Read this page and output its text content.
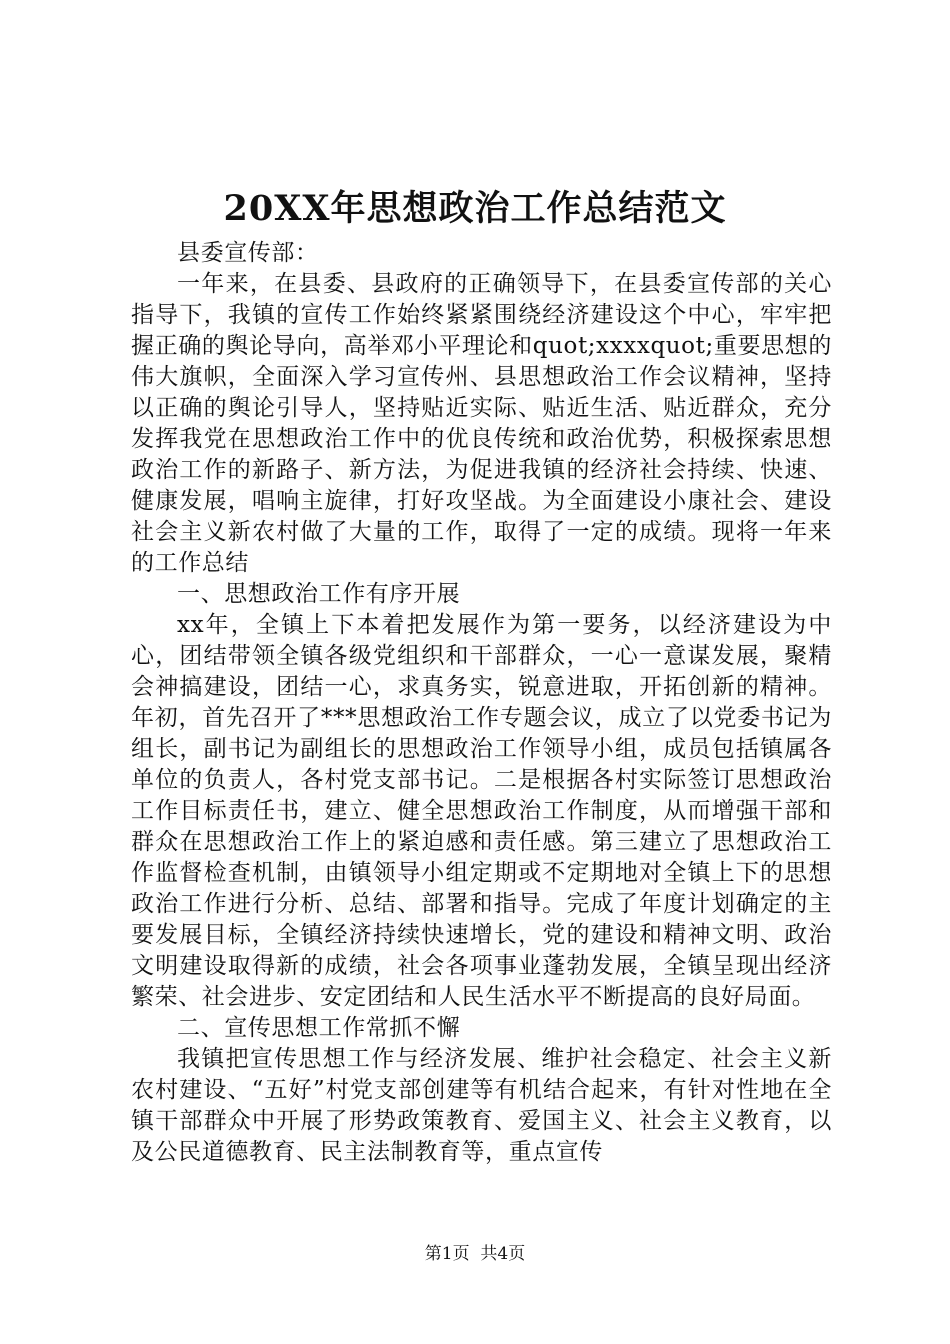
20XX年思想政治工作总结范文

县委宣传部：

一年来，在县委、县政府的正确领导下，在县委宣传部的关心指导下，我镇的宣传工作始终紧紧围绕经济建设这个中心，牢牢把握正确的舆论导向，高举邓小平理论和quot;xxxxquot;重要思想的伟大旗帜，全面深入学习宣传州、县思想政治工作会议精神，坚持以正确的舆论引导人，坚持贴近实际、贴近生活、贴近群众，充分发挥我党在思想政治工作中的优良传统和政治优势，积极探索思想政治工作的新路子、新方法，为促进我镇的经济社会持续、快速、健康发展，唱响主旋律，打好攻坚战。为全面建设小康社会、建设社会主义新农村做了大量的工作，取得了一定的成绩。现将一年来的工作总结

一、思想政治工作有序开展

xx年，全镇上下本着把发展作为第一要务，以经济建设为中心，团结带领全镇各级党组织和干部群众，一心一意谋发展，聚精会神搞建设，团结一心，求真务实，锐意进取，开拓创新的精神。年初，首先召开了***思想政治工作专题会议，成立了以党委书记为组长，副书记为副组长的思想政治工作领导小组，成员包括镇属各单位的负责人，各村党支部书记。二是根据各村实际签订思想政治工作目标责任书，建立、健全思想政治工作制度，从而增强干部和群众在思想政治工作上的紧迫感和责任感。第三建立了思想政治工作监督检查机制，由镇领导小组定期或不定期地对全镇上下的思想政治工作进行分析、总结、部署和指导。完成了年度计划确定的主要发展目标，全镇经济持续快速增长，党的建设和精神文明、政治文明建设取得新的成绩，社会各项事业蓬勃发展，全镇呈现出经济繁荣、社会进步、安定团结和人民生活水平不断提高的良好局面。

二、宣传思想工作常抓不懈

我镇把宣传思想工作与经济发展、维护社会稳定、社会主义新农村建设、“五好”村党支部创建等有机结合起来，有针对性地在全镇干部群众中开展了形势政策教育、爱国主义、社会主义教育，以及公民道德教育、民主法制教育等，重点宣传

第1页 共4页
